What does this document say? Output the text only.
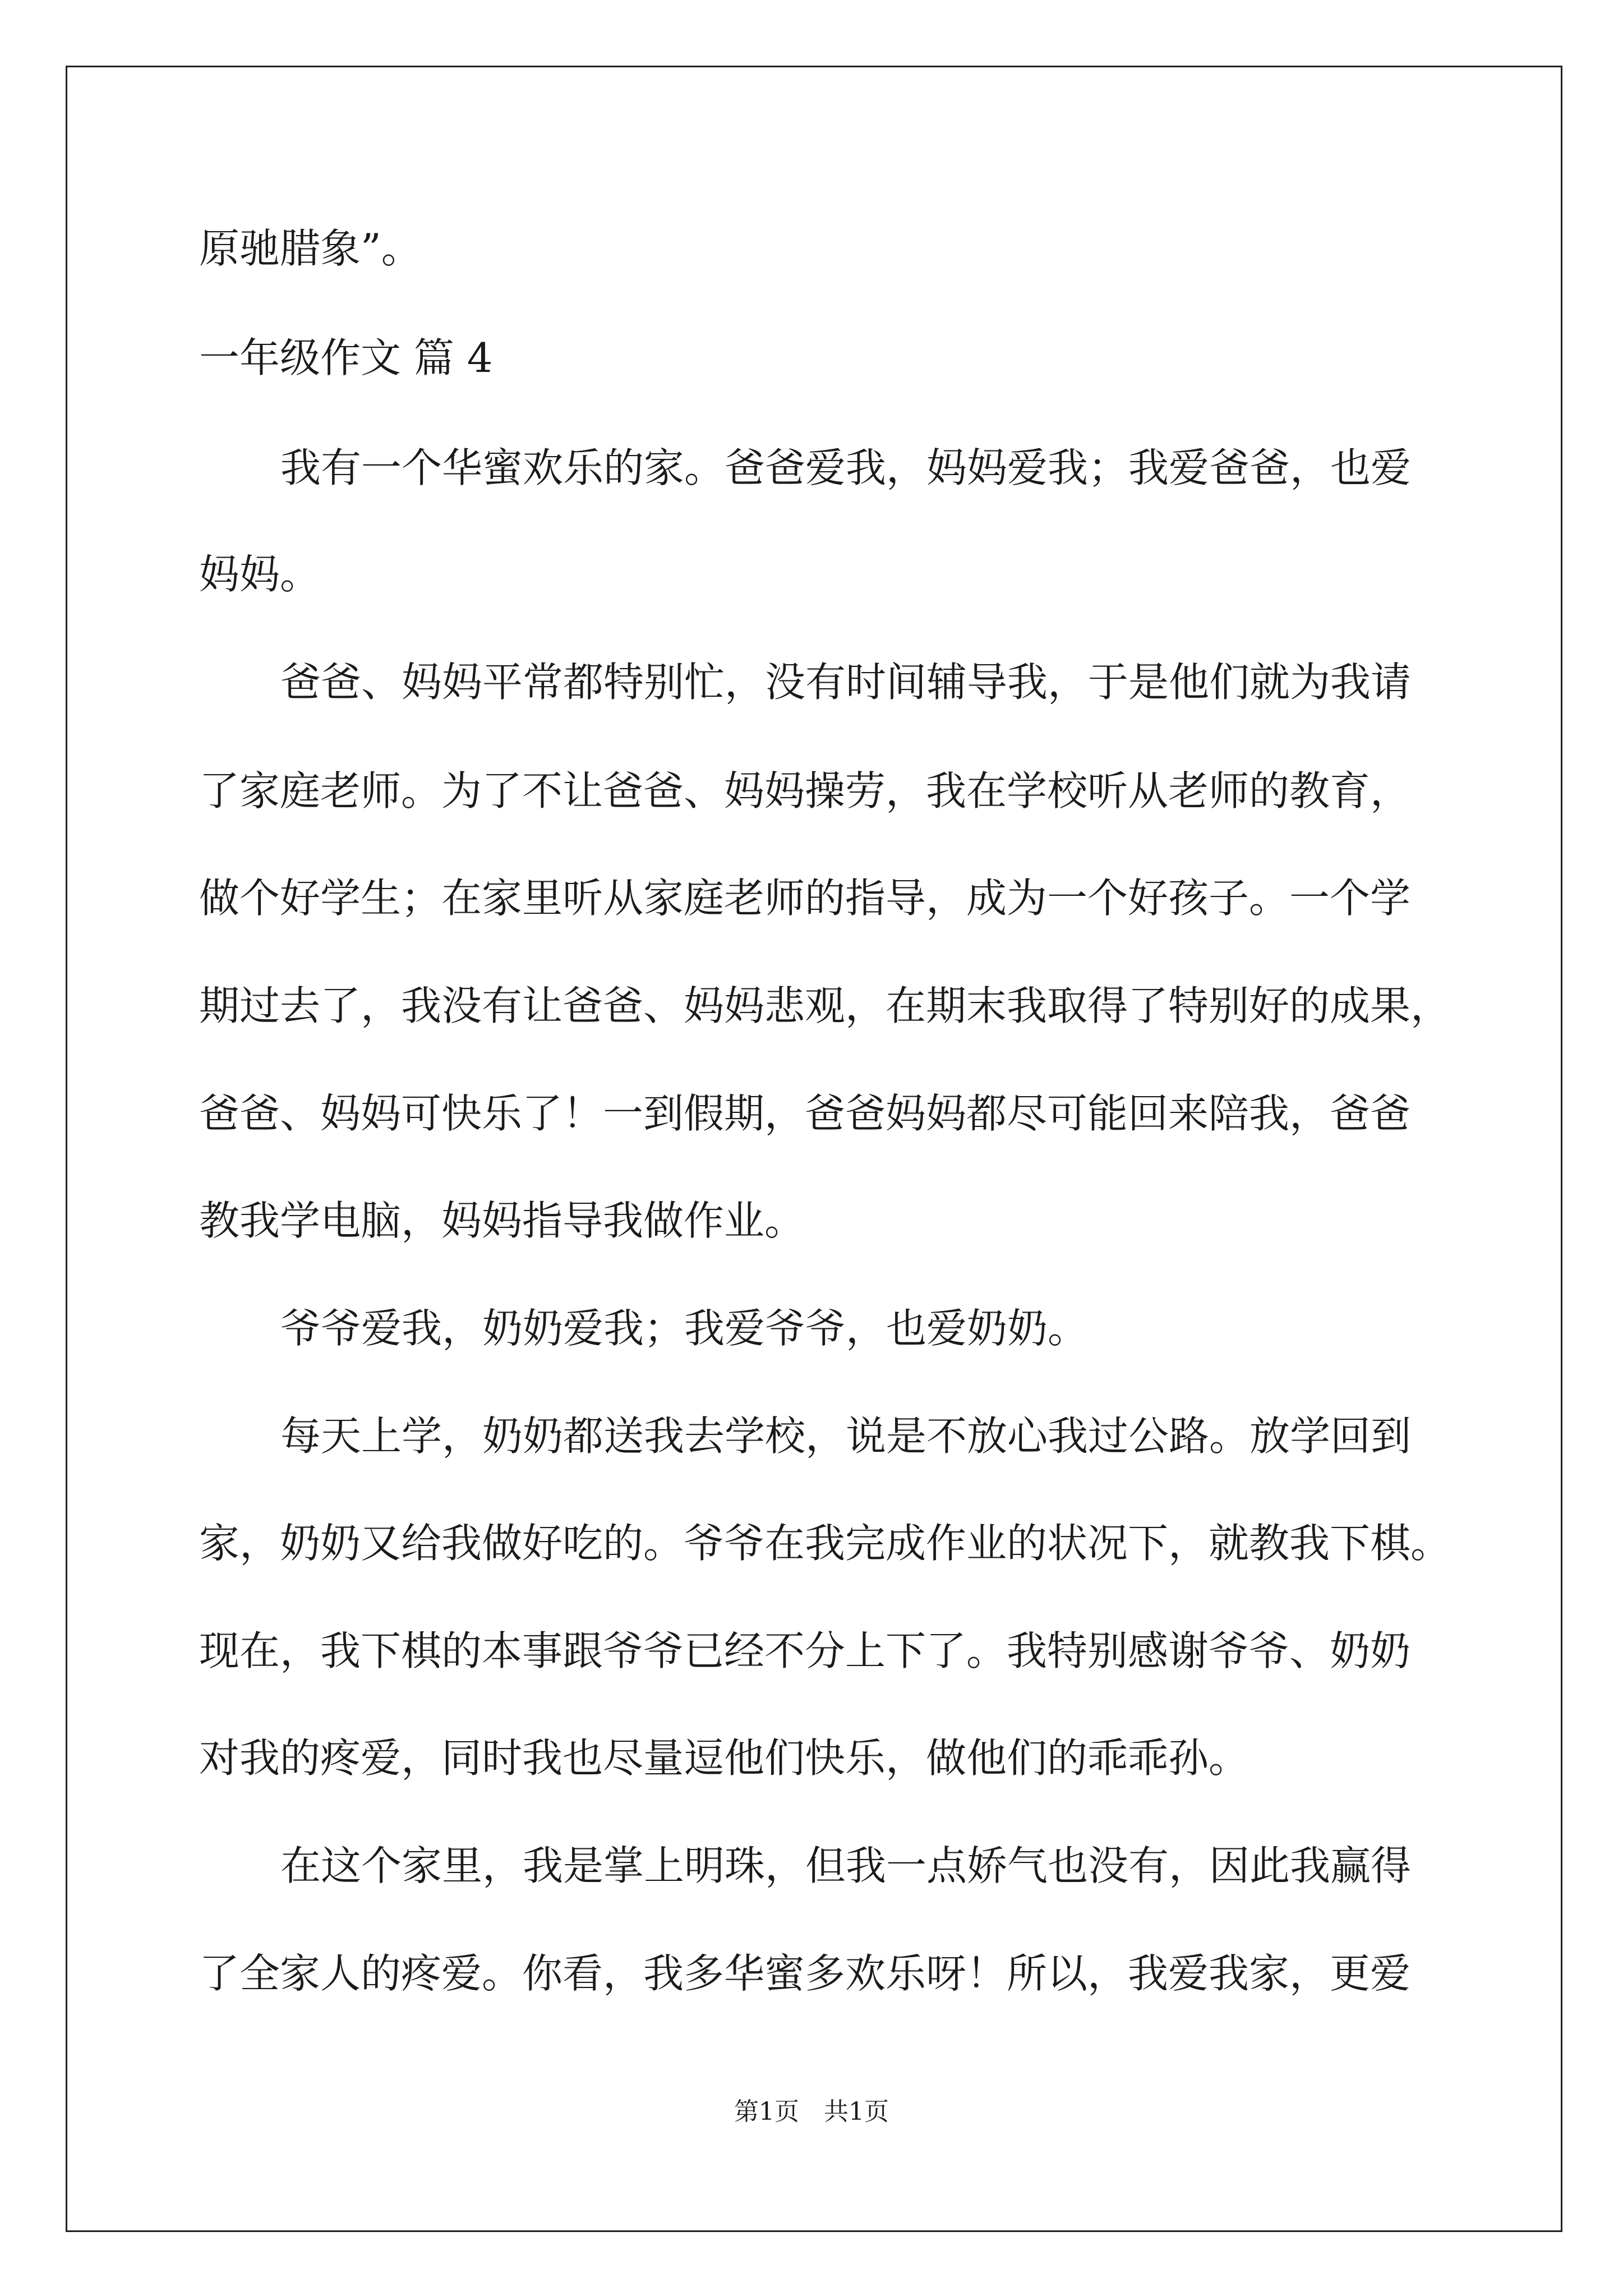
原驰腊象”。
一年级作文 篇 4
我有一个华蜜欢乐的家。爸爸爱我，妈妈爱我；我爱爸爸，也爱
妈妈。
爸爸、妈妈平常都特别忙，没有时间辅导我，于是他们就为我请
了家庭老师。为了不让爸爸、妈妈操劳，我在学校听从老师的教育，
做个好学生；在家里听从家庭老师的指导，成为一个好孩子。一个学
期过去了，我没有让爸爸、妈妈悲观，在期末我取得了特别好的成果，
爸爸、妈妈可快乐了！一到假期，爸爸妈妈都尽可能回来陪我，爸爸
教我学电脑，妈妈指导我做作业。
爷爷爱我，奶奶爱我；我爱爷爷，也爱奶奶。
每天上学，奶奶都送我去学校，说是不放心我过公路。放学回到
家，奶奶又给我做好吃的。爷爷在我完成作业的状况下，就教我下棋。
现在，我下棋的本事跟爷爷已经不分上下了。我特别感谢爷爷、奶奶
对我的疼爱，同时我也尽量逗他们快乐，做他们的乖乖孙。
在这个家里，我是掌上明珠，但我一点娇气也没有，因此我赢得
了全家人的疼爱。你看，我多华蜜多欢乐呀！所以，我爱我家，更爱
第1页　共1页
